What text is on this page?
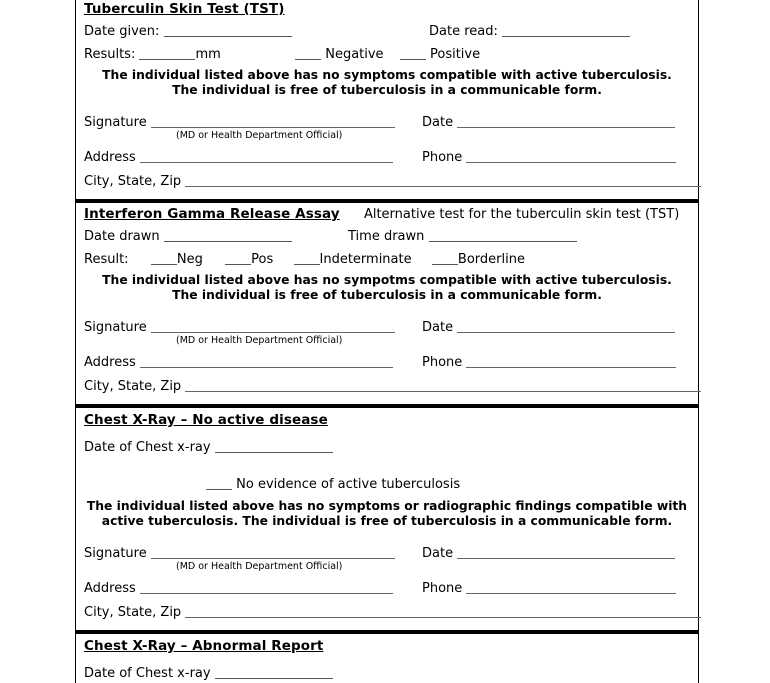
Tuberculin Skin Test (TST)
Date given:	Date read:
Results:	mm	Negative	Positive
The individual listed above has no symptoms compatible with active tuberculosis. The individual is free of tuberculosis in a communicable form.
Signature	Date
(MD or Health Department Official)
Address	Phone
City, State, Zip
Interferon Gamma Release Assay Alternative test for the tuberculin skin test (TST)
Date drawn	Time drawn
Result:	Neg	Pos	Indeterminate	Borderline
The individual listed above has no sympotms compatible with active tuberculosis. The individual is free of tuberculosis in a communicable form.
Signature	Date
(MD or Health Department Official)
Address	Phone
City, State, Zip
Chest X-Ray – No active disease
Date of Chest x-ray
No evidence of active tuberculosis
The individual listed above has no symptoms or radiographic findings compatible with active tuberculosis. The individual is free of tuberculosis in a communicable form.
Signature	Date
(MD or Health Department Official)
Address	Phone
City, State, Zip
Chest X-Ray – Abnormal Report
Date of Chest x-ray
